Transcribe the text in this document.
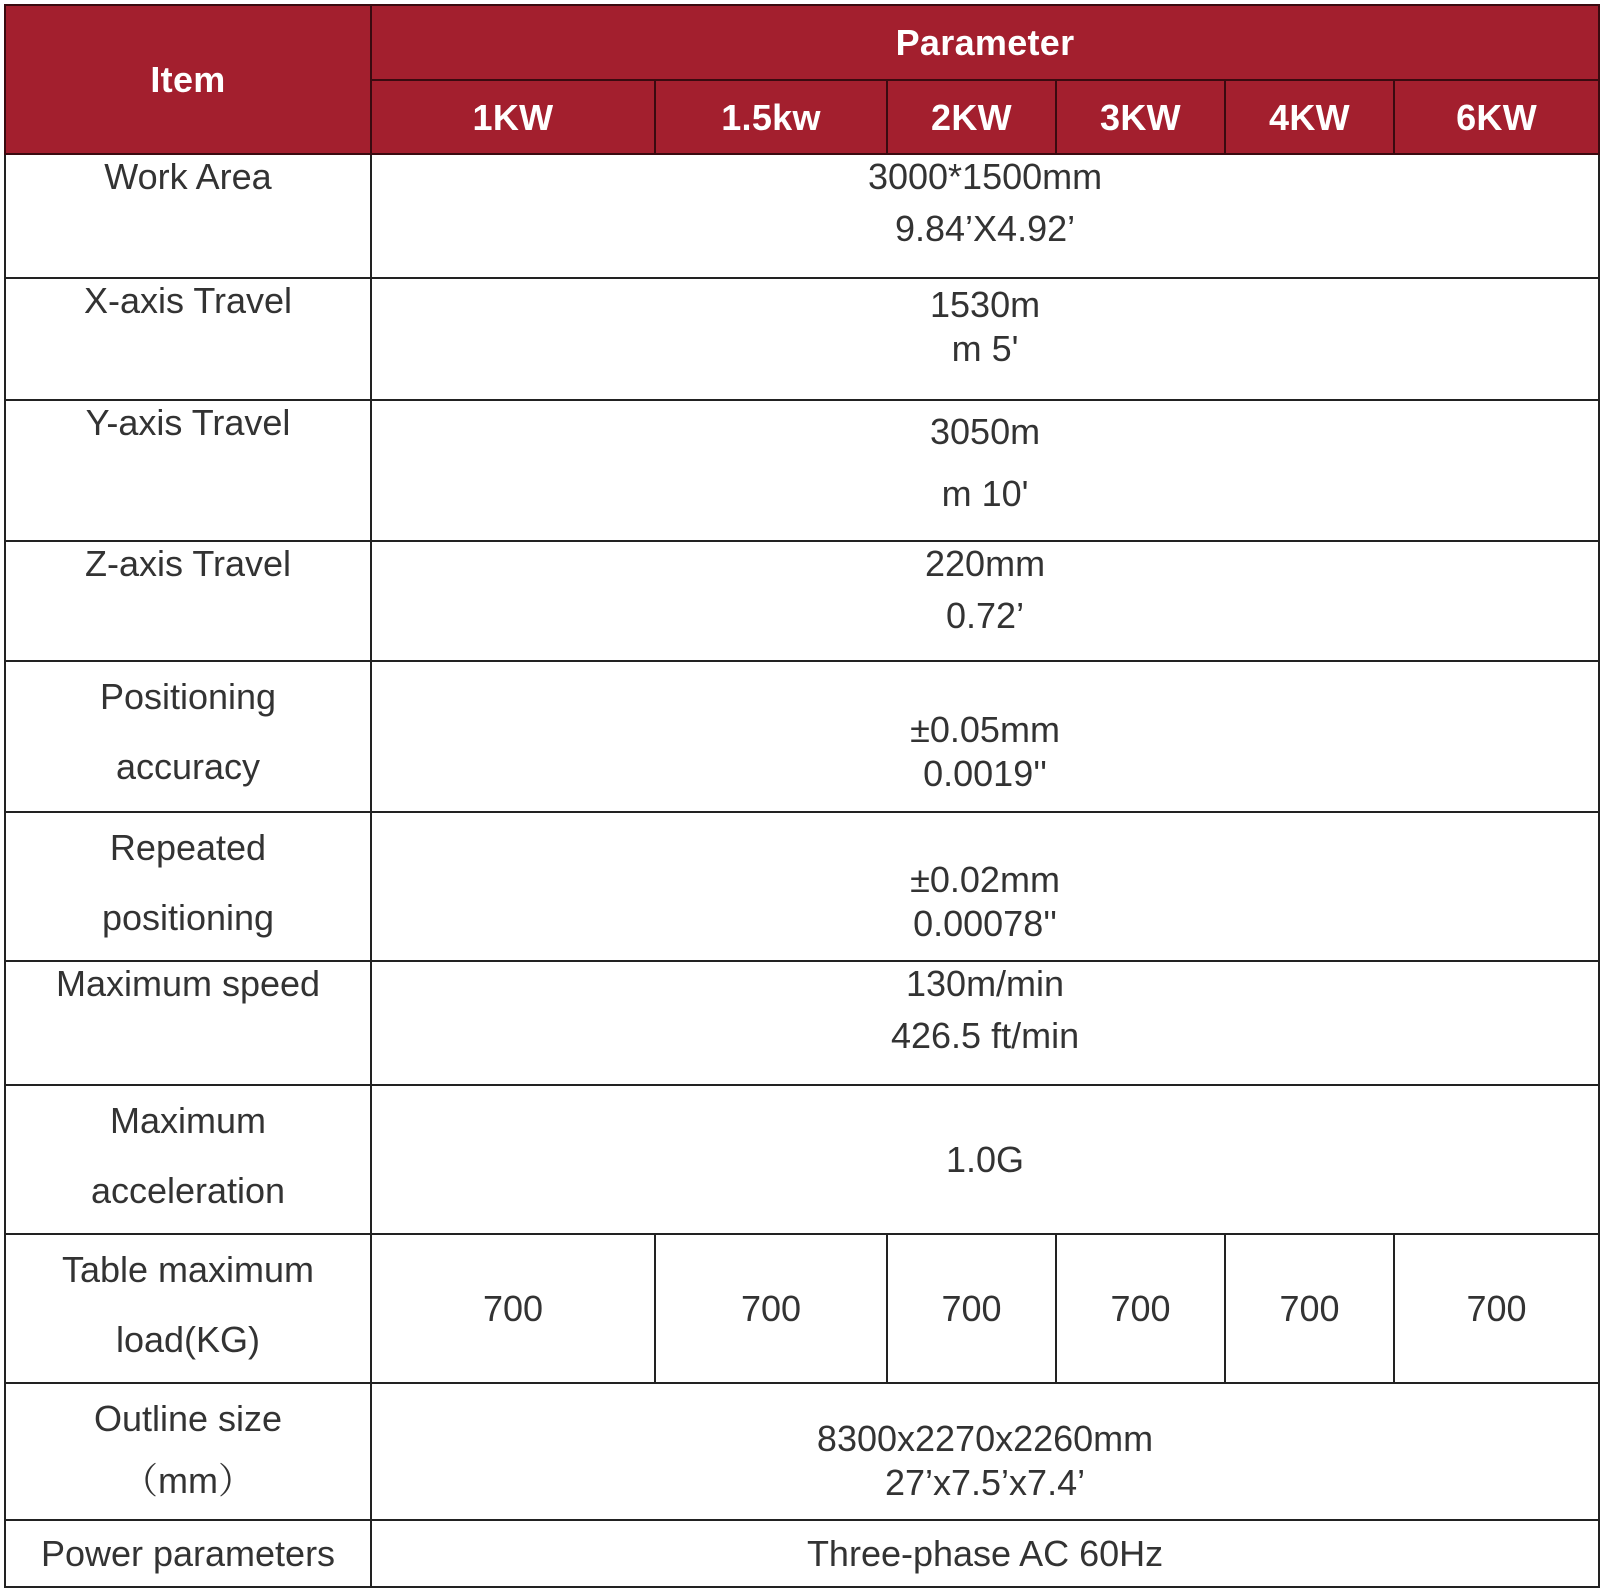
Item	Parameter					
	1KW	1.5kw	2KW	3KW	4KW	6KW
Work Area	3000*1500mm
9.84’X4.92’					

X-axis Travel	1530m
m 5'					

Y-axis Travel	3050m
m 10'					

Z-axis Travel	220mm
0.72’					

Positioning
accuracy	±0.05mm
0.0019''					

Repeated
positioning	±0.02mm
0.00078''					

Maximum speed	130m/min
426.5 ft/min					

Maximum
acceleration	1.0G					

Table maximum
load(KG)	700	700	700	700	700	700

Outline size
（mm）	8300x2270x2260mm
27’x7.5’x7.4’					

Power parameters	Three-phase AC 60Hz					
